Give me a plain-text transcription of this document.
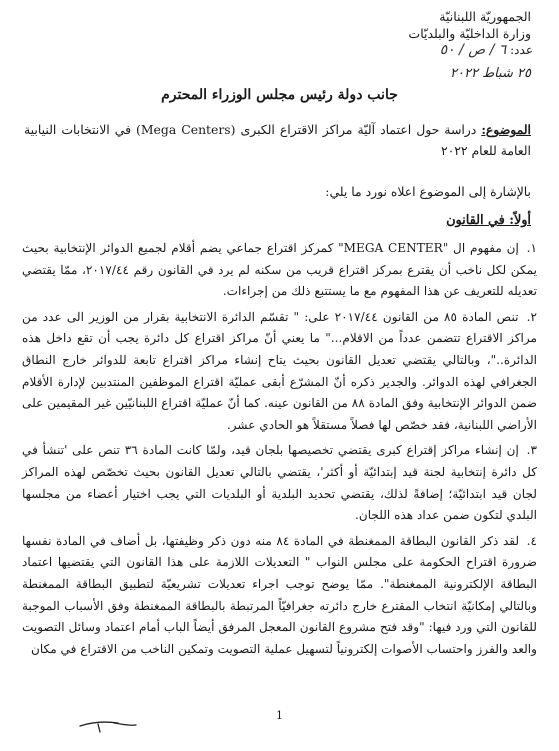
الجمهوريّة اللبنانيّة
وزارة الداخليّة والبلديّات
عدد: ٦ / ص / ٥٠
٢٥ شباط ٢٠٢٢
جانب دولة رئيس مجلس الوزراء المحترم
الموضوع: دراسة حول اعتماد آليّة مراكز الاقتراع الكبرى (Mega Centers) في الانتخابات النيابية العامة للعام ٢٠٢٢
بالإشارة إلى الموضوع اعلاه نورد ما يلي:
أولاً: في القانون
١. إن مفهوم ال "MEGA CENTER" كمركز اقتراع جماعي يضم أقلام لجميع الدوائر الإنتخابية بحيث يمكن لكل ناخب أن يقترع بمركز اقتراع قريب من سكنه لم يرد في القانون رقم ٢٠١٧/٤٤، ممّا يقتضي تعديله للتعريف عن هذا المفهوم مع ما يستتبع ذلك من إجراءات.
٢. تنص المادة ٨٥ من القانون ٢٠١٧/٤٤ على: " تقسّم الدائرة الانتخابية بقرار من الوزير الى عدد من مراكز الاقتراع تتضمن عدداً من الاقلام..." ما يعني أنّ مراكز اقتراع كل دائرة يجب أن تقع داخل هذه الدائرة.."، وبالتالي يقتضي تعديل القانون بحيث يتاح إنشاء مراكز اقتراع تابعة للدوائر خارج النطاق الجغرافي لهذه الدوائر. والجدير ذكره أنّ المشرّع أبقى عمليّة اقتراع الموظفين المنتدبين لإدارة الأقلام ضمن الدوائر الإنتخابية وفق المادة ٨٨ من القانون عينه. كما أنّ عمليّة اقتراع اللبنانيّين غير المقيمين على الأراضي اللبنانية، فقد خصّص لها فصلاً مستقلاً هو الحادي عشر.
٣. إن إنشاء مراكز إقتراع كبرى يقتضي تخصيصها بلجان قيد، ولمّا كانت المادة ٣٦ تنص على 'تنشأ في كل دائرة إنتخابية لجنة قيد إبتدائيّة أو أكثر'، يقتضي بالتالي تعديل القانون بحيث تخصّص لهذه المراكز لجان قيد ابتدائيّة؛ إضافةً لذلك، يقتضي تحديد البلدية أو البلديات التي يجب اختيار أعضاء من مجلسها البلدي لتكون ضمن عداد هذه اللجان.
٤. لقد ذكر القانون البطاقة الممغنطة في المادة ٨٤ منه دون ذكر وظيفتها، بل أضاف في المادة نفسها ضرورة اقتراح الحكومة على مجلس النواب " التعديلات اللازمة على هذا القانون التي يقتضيها اعتماد البطاقة الإلكترونية الممغنطة". ممّا يوضح توجب اجراء تعديلات تشريعيّة لتطبيق البطاقة الممغنطة وبالتالي إمكانيّة انتخاب المقترع خارج دائرته جغرافيّاً المرتبطة بالبطاقة الممغنطة وفق الأسباب الموجبة للقانون التي ورد فيها: "وقد فتح مشروع القانون المعجل المرفق أيضاً الباب أمام اعتماد وسائل التصويت والعد والفرز واحتساب الأصوات إلكترونياً لتسهيل عملية التصويت وتمكين الناخب من الاقتراع في مكان
1
